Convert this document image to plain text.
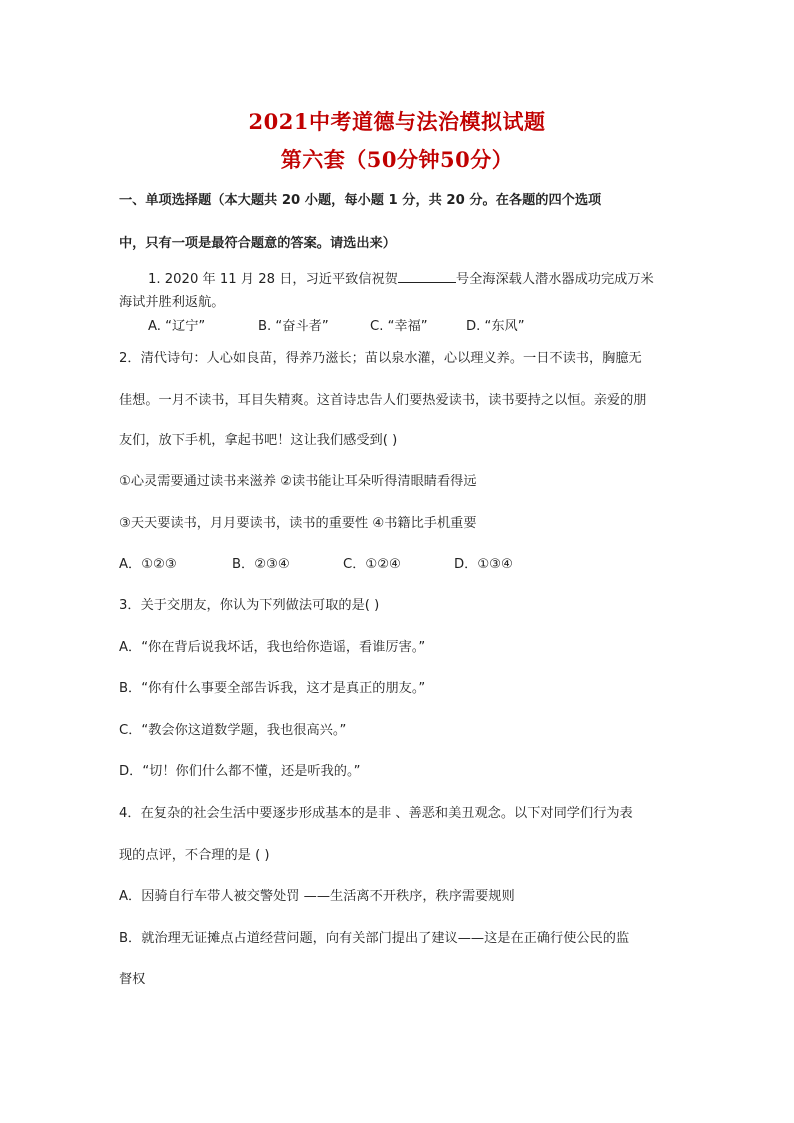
2021中考道德与法治模拟试题
第六套（50分钟50分）
一、单项选择题（本大题共 20 小题，每小题 1 分，共 20 分。在各题的四个选项
中，只有一项是最符合题意的答案。请选出来）
1. 2020 年 11 月 28 日，习近平致信祝贺	号全海深载人潜水器成功完成万米
海试并胜利返航。
A. “辽宁”	B. “奋斗者”	C. “幸福”	D. “东风”
2．清代诗句：人心如良苗，得养乃滋长；苗以泉水灌，心以理义养。一日不读书，胸臆无
佳想。一月不读书，耳目失精爽。这首诗忠告人们要热爱读书，读书要持之以恒。亲爱的朋
友们，放下手机，拿起书吧！这让我们感受到( )
①心灵需要通过读书来滋养 ②读书能让耳朵听得清眼睛看得远
③天天要读书，月月要读书，读书的重要性 ④书籍比手机重要
A．①②③	B．②③④	C．①②④	D．①③④
3．关于交朋友，你认为下列做法可取的是( )
A．“你在背后说我坏话，我也给你造谣，看谁厉害。”
B．“你有什么事要全部告诉我，这才是真正的朋友。”
C．“教会你这道数学题，我也很高兴。”
D．“切！你们什么都不懂，还是听我的。”
4．在复杂的社会生活中要逐步形成基本的是非 、善恶和美丑观念。以下对同学们行为表
现的点评，不合理的是 ( )
A．因骑自行车带人被交警处罚 ——生活离不开秩序，秩序需要规则
B．就治理无证摊点占道经营问题，向有关部门提出了建议——这是在正确行使公民的监
督权
